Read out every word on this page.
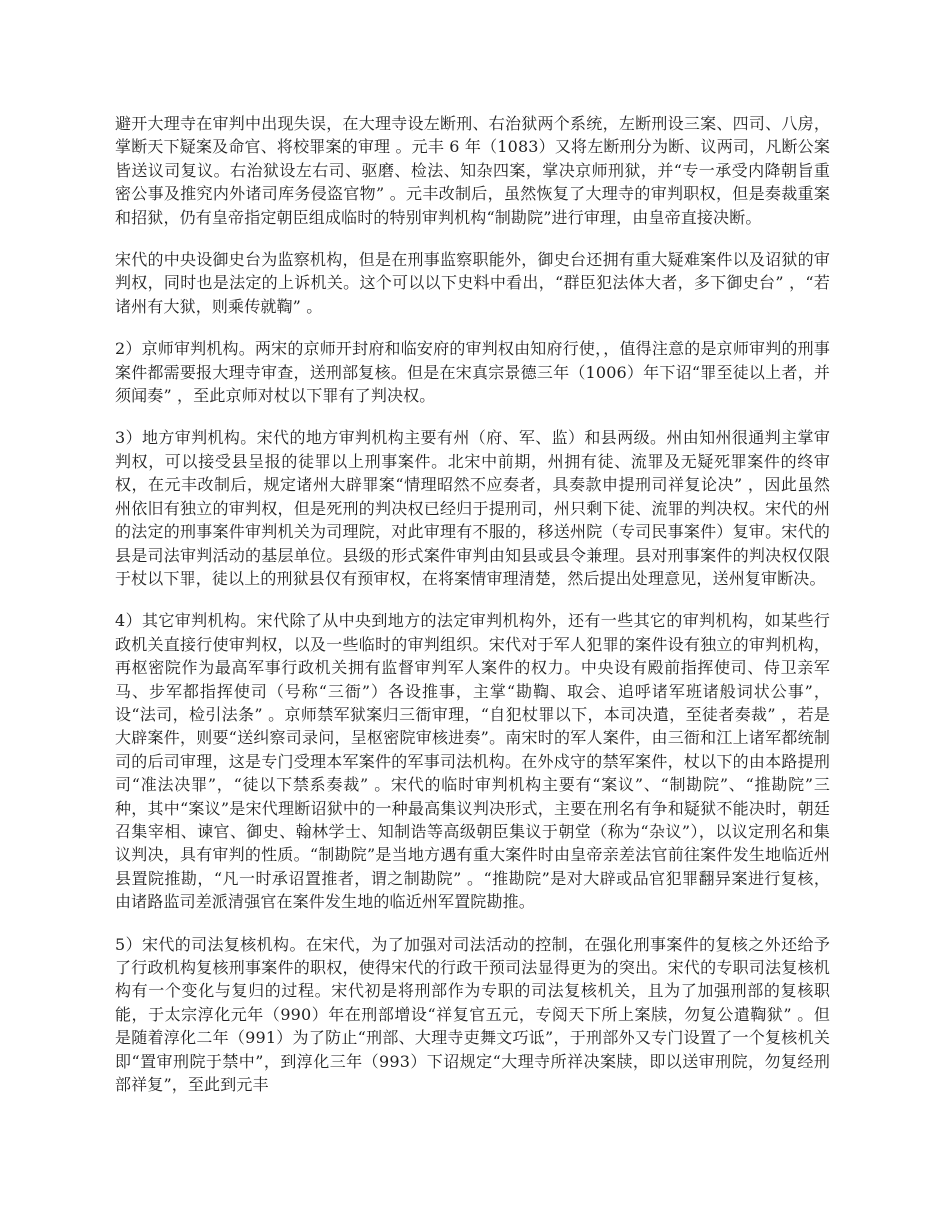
避开大理寺在审判中出现失误，在大理寺设左断刑、右治狱两个系统，左断刑设三案、四司、八房，掌断天下疑案及命官、将校罪案的审理 。元丰 6 年（1083）又将左断刑分为断、议两司，凡断公案皆送议司复议。右治狱设左右司、驱磨、检法、知杂四案，掌决京师刑狱，并“专一承受内降朝旨重密公事及推究内外诸司库务侵盗官物” 。元丰改制后，虽然恢复了大理寺的审判职权，但是奏裁重案和招狱，仍有皇帝指定朝臣组成临时的特别审判机构“制勘院”进行审理，由皇帝直接决断。

宋代的中央设御史台为监察机构，但是在刑事监察职能外，御史台还拥有重大疑难案件以及诏狱的审判权，同时也是法定的上诉机关。这个可以以下史料中看出，“群臣犯法体大者，多下御史台” ，“若诸州有大狱，则乘传就鞫” 。

2）京师审判机构。两宋的京师开封府和临安府的审判权由知府行使，，值得注意的是京师审判的刑事案件都需要报大理寺审查，送刑部复核。但是在宋真宗景德三年（1006）年下诏“罪至徒以上者，并须闻奏” ，至此京师对杖以下罪有了判决权。

3）地方审判机构。宋代的地方审判机构主要有州（府、军、监）和县两级。州由知州很通判主掌审判权，可以接受县呈报的徒罪以上刑事案件。北宋中前期，州拥有徒、流罪及无疑死罪案件的终审权，在元丰改制后，规定诸州大辟罪案“情理昭然不应奏者，具奏款申提刑司祥复论决” ，因此虽然州依旧有独立的审判权，但是死刑的判决权已经归于提刑司，州只剩下徒、流罪的判决权。宋代的州的法定的刑事案件审判机关为司理院，对此审理有不服的，移送州院（专司民事案件）复审。宋代的县是司法审判活动的基层单位。县级的形式案件审判由知县或县令兼理。县对刑事案件的判决权仅限于杖以下罪，徒以上的刑狱县仅有预审权，在将案情审理清楚，然后提出处理意见，送州复审断决。

4）其它审判机构。宋代除了从中央到地方的法定审判机构外，还有一些其它的审判机构，如某些行政机关直接行使审判权，以及一些临时的审判组织。宋代对于军人犯罪的案件设有独立的审判机构，再枢密院作为最高军事行政机关拥有监督审判军人案件的权力。中央设有殿前指挥使司、侍卫亲军马、步军都指挥使司（号称“三衙”）各设推事，主掌“勘鞫、取会、追呼诸军班诸般词状公事”，设“法司，检引法条” 。京师禁军狱案归三衙审理，“自犯杖罪以下，本司决遣，至徒者奏裁” ，若是大辟案件，则要“送纠察司录问，呈枢密院审核进奏”。南宋时的军人案件，由三衙和江上诸军都统制司的后司审理，这是专门受理本军案件的军事司法机构。在外戍守的禁军案件，杖以下的由本路提刑司“准法决罪”，“徒以下禁系奏裁” 。宋代的临时审判机构主要有“案议”、“制勘院”、“推勘院”三种，其中“案议”是宋代理断诏狱中的一种最高集议判决形式，主要在刑名有争和疑狱不能决时，朝廷召集宰相、谏官、御史、翰林学士、知制诰等高级朝臣集议于朝堂（称为“杂议”），以议定刑名和集议判决，具有审判的性质。“制勘院”是当地方遇有重大案件时由皇帝亲差法官前往案件发生地临近州县置院推勘，“凡一时承诏置推者，谓之制勘院” 。“推勘院”是对大辟或品官犯罪翻异案进行复核，由诸路监司差派清强官在案件发生地的临近州军置院勘推。

5）宋代的司法复核机构。在宋代，为了加强对司法活动的控制，在强化刑事案件的复核之外还给予了行政机构复核刑事案件的职权，使得宋代的行政干预司法显得更为的突出。宋代的专职司法复核机构有一个变化与复归的过程。宋代初是将刑部作为专职的司法复核机关，且为了加强刑部的复核职能，于太宗淳化元年（990）年在刑部增设“祥复官五元，专阅天下所上案牍，勿复公遣鞫狱” 。但是随着淳化二年（991）为了防止“刑部、大理寺吏舞文巧诋”，于刑部外又专门设置了一个复核机关即“置审刑院于禁中”，到淳化三年（993）下诏规定“大理寺所祥决案牍，即以送审刑院，勿复经刑部祥复”，至此到元丰
